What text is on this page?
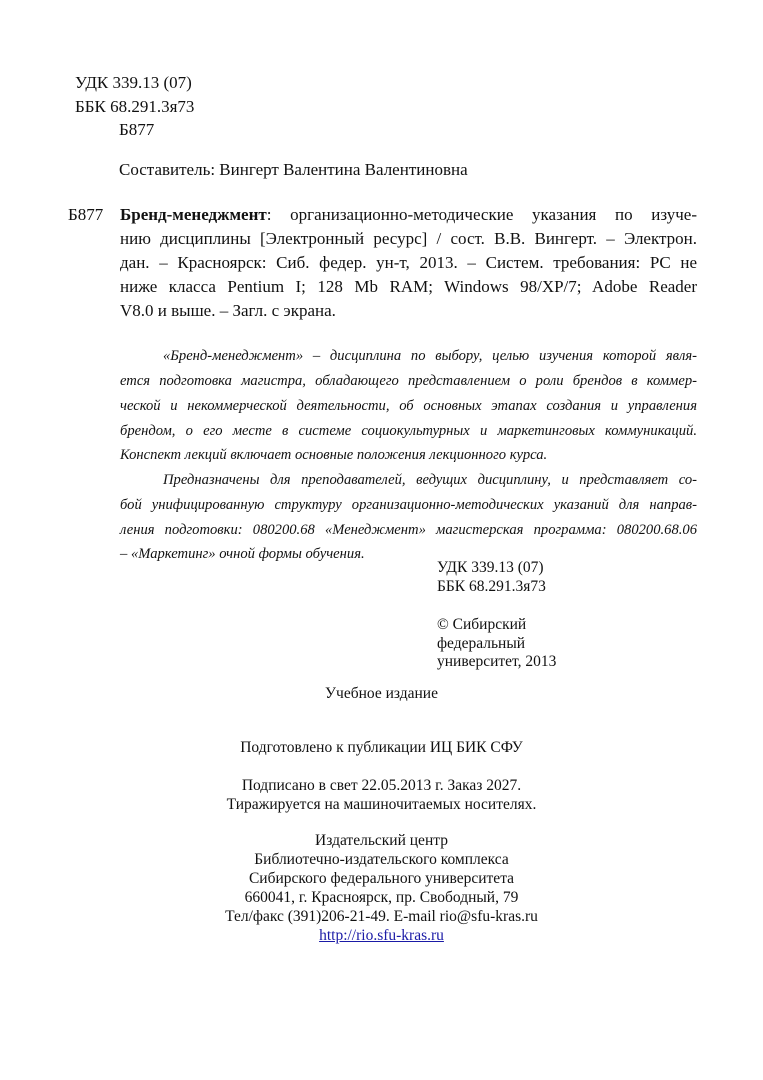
УДК 339.13 (07)
ББК 68.291.3я73
Б877
Составитель: Вингерт Валентина Валентиновна
Б877 Бренд-менеджмент: организационно-методические указания по изуче-
нию дисциплины [Электронный ресурс] / сост. В.В. Вингерт. – Электрон.
дан. – Красноярск: Сиб. федер. ун-т, 2013. – Систем. требования: PC не
ниже класса Pentium I; 128 Mb RAM; Windows 98/XP/7; Adobe Reader
V8.0 и выше. – Загл. с экрана.
«Бренд-менеджмент» – дисциплина по выбору, целью изучения которой явля-
ется подготовка магистра, обладающего представлением о роли брендов в коммер-
ческой и некоммерческой деятельности, об основных этапах создания и управления
брендом, о его месте в системе социокультурных и маркетинговых коммуникаций.
Конспект лекций включает основные положения лекционного курса.
Предназначены для преподавателей, ведущих дисциплину, и представляет со-
бой унифицированную структуру организационно-методических указаний для направ-
ления подготовки: 080200.68 «Менеджмент» магистерская программа: 080200.68.06
– «Маркетинг» очной формы обучения.
УДК 339.13 (07)
ББК 68.291.3я73
© Сибирский
федеральный
университет, 2013
Учебное издание
Подготовлено к публикации ИЦ БИК СФУ
Подписано в свет 22.05.2013 г. Заказ 2027.
Тиражируется на машиночитаемых носителях.
Издательский центр
Библиотечно-издательского комплекса
Сибирского федерального университета
660041, г. Красноярск, пр. Свободный, 79
Тел/факс (391)206-21-49. E-mail rio@sfu-kras.ru
http://rio.sfu-kras.ru
